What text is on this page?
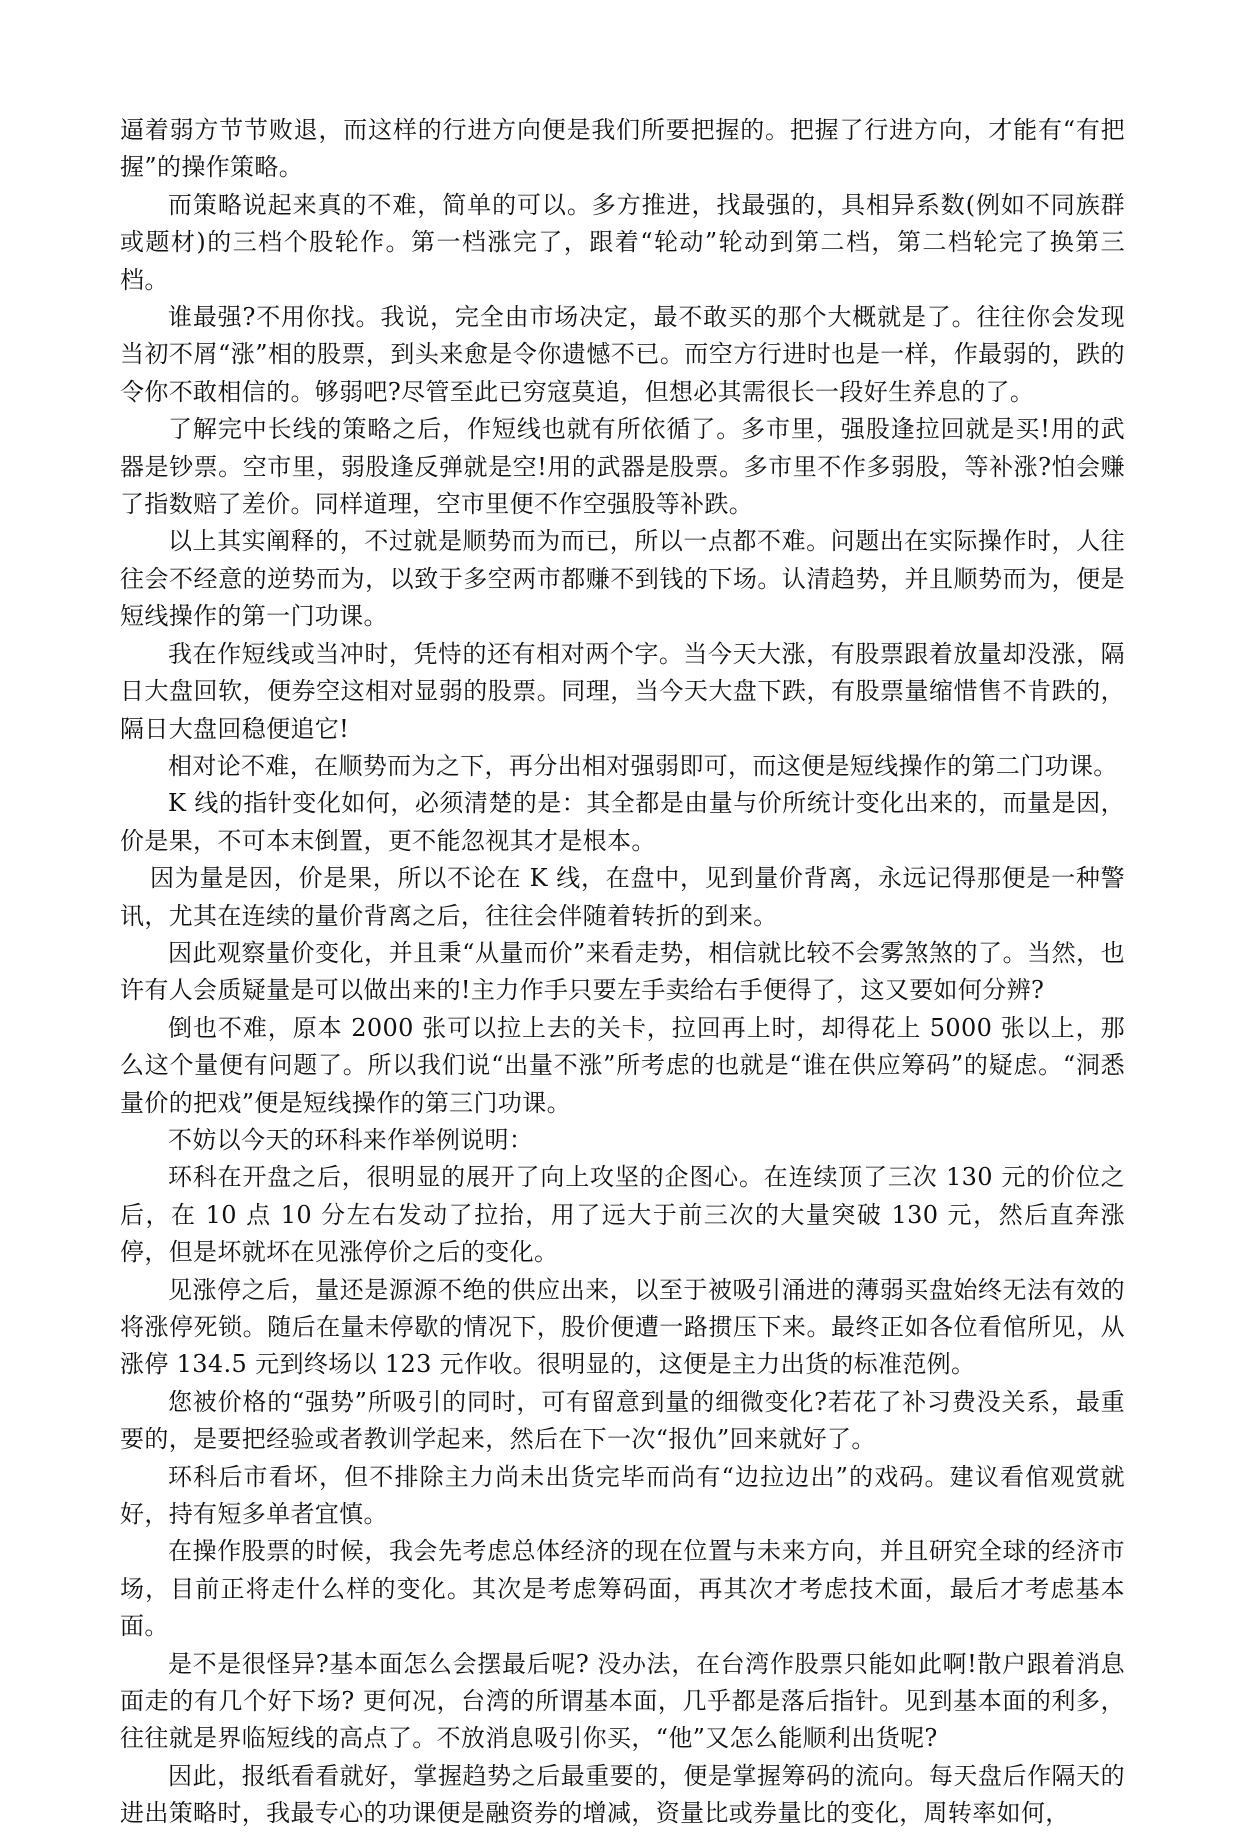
逼着弱方节节败退，而这样的行进方向便是我们所要把握的。把握了行进方向，才能有“有把握”的操作策略。

而策略说起来真的不难，简单的可以。多方推进，找最强的，具相异系数(例如不同族群或题材)的三档个股轮作。第一档涨完了，跟着“轮动”轮动到第二档，第二档轮完了换第三档。

谁最强?不用你找。我说，完全由市场决定，最不敢买的那个大概就是了。往往你会发现当初不屑“涨”相的股票，到头来愈是令你遗憾不已。而空方行进时也是一样，作最弱的，跌的令你不敢相信的。够弱吧?尽管至此已穷寇莫追，但想必其需很长一段好生养息的了。

了解完中长线的策略之后，作短线也就有所依循了。多市里，强股逢拉回就是买!用的武器是钞票。空市里，弱股逢反弹就是空!用的武器是股票。多市里不作多弱股，等补涨?怕会赚了指数赔了差价。同样道理，空市里便不作空强股等补跌。

以上其实阐释的，不过就是顺势而为而已，所以一点都不难。问题出在实际操作时，人往往会不经意的逆势而为，以致于多空两市都赚不到钱的下场。认清趋势，并且顺势而为，便是短线操作的第一门功课。

我在作短线或当冲时，凭恃的还有相对两个字。当今天大涨，有股票跟着放量却没涨，隔日大盘回软，便券空这相对显弱的股票。同理，当今天大盘下跌，有股票量缩惜售不肯跌的，隔日大盘回稳便追它!

相对论不难，在顺势而为之下，再分出相对强弱即可，而这便是短线操作的第二门功课。

K 线的指针变化如何，必须清楚的是：其全都是由量与价所统计变化出来的，而量是因，价是果，不可本末倒置，更不能忽视其才是根本。

因为量是因，价是果，所以不论在 K 线，在盘中，见到量价背离，永远记得那便是一种警讯，尤其在连续的量价背离之后，往往会伴随着转折的到来。

因此观察量价变化，并且秉“从量而价”来看走势，相信就比较不会雾煞煞的了。当然，也许有人会质疑量是可以做出来的!主力作手只要左手卖给右手便得了，这又要如何分辨?

倒也不难，原本 2000 张可以拉上去的关卡，拉回再上时，却得花上 5000 张以上，那么这个量便有问题了。所以我们说“出量不涨”所考虑的也就是“谁在供应筹码”的疑虑。“洞悉量价的把戏”便是短线操作的第三门功课。

不妨以今天的环科来作举例说明：

环科在开盘之后，很明显的展开了向上攻坚的企图心。在连续顶了三次 130 元的价位之后，在 10 点 10 分左右发动了拉抬，用了远大于前三次的大量突破 130 元，然后直奔涨停，但是坏就坏在见涨停价之后的变化。

见涨停之后，量还是源源不绝的供应出来，以至于被吸引涌进的薄弱买盘始终无法有效的将涨停死锁。随后在量未停歇的情况下，股价便遭一路掼压下来。最终正如各位看倌所见，从涨停 134.5 元到终场以 123 元作收。很明显的，这便是主力出货的标准范例。

您被价格的“强势”所吸引的同时，可有留意到量的细微变化?若花了补习费没关系，最重要的，是要把经验或者教训学起来，然后在下一次“报仇”回来就好了。

环科后市看坏，但不排除主力尚未出货完毕而尚有“边拉边出”的戏码。建议看倌观赏就好，持有短多单者宜慎。

在操作股票的时候，我会先考虑总体经济的现在位置与未来方向，并且研究全球的经济市场，目前正将走什么样的变化。其次是考虑筹码面，再其次才考虑技术面，最后才考虑基本面。

是不是很怪异?基本面怎么会摆最后呢? 没办法，在台湾作股票只能如此啊!散户跟着消息面走的有几个好下场? 更何况，台湾的所谓基本面，几乎都是落后指针。见到基本面的利多，往往就是界临短线的高点了。不放消息吸引你买，“他”又怎么能顺利出货呢?

因此，报纸看看就好，掌握趋势之后最重要的，便是掌握筹码的流向。每天盘后作隔天的进出策略时，我最专心的功课便是融资券的增减，资量比或券量比的变化，周转率如何，
